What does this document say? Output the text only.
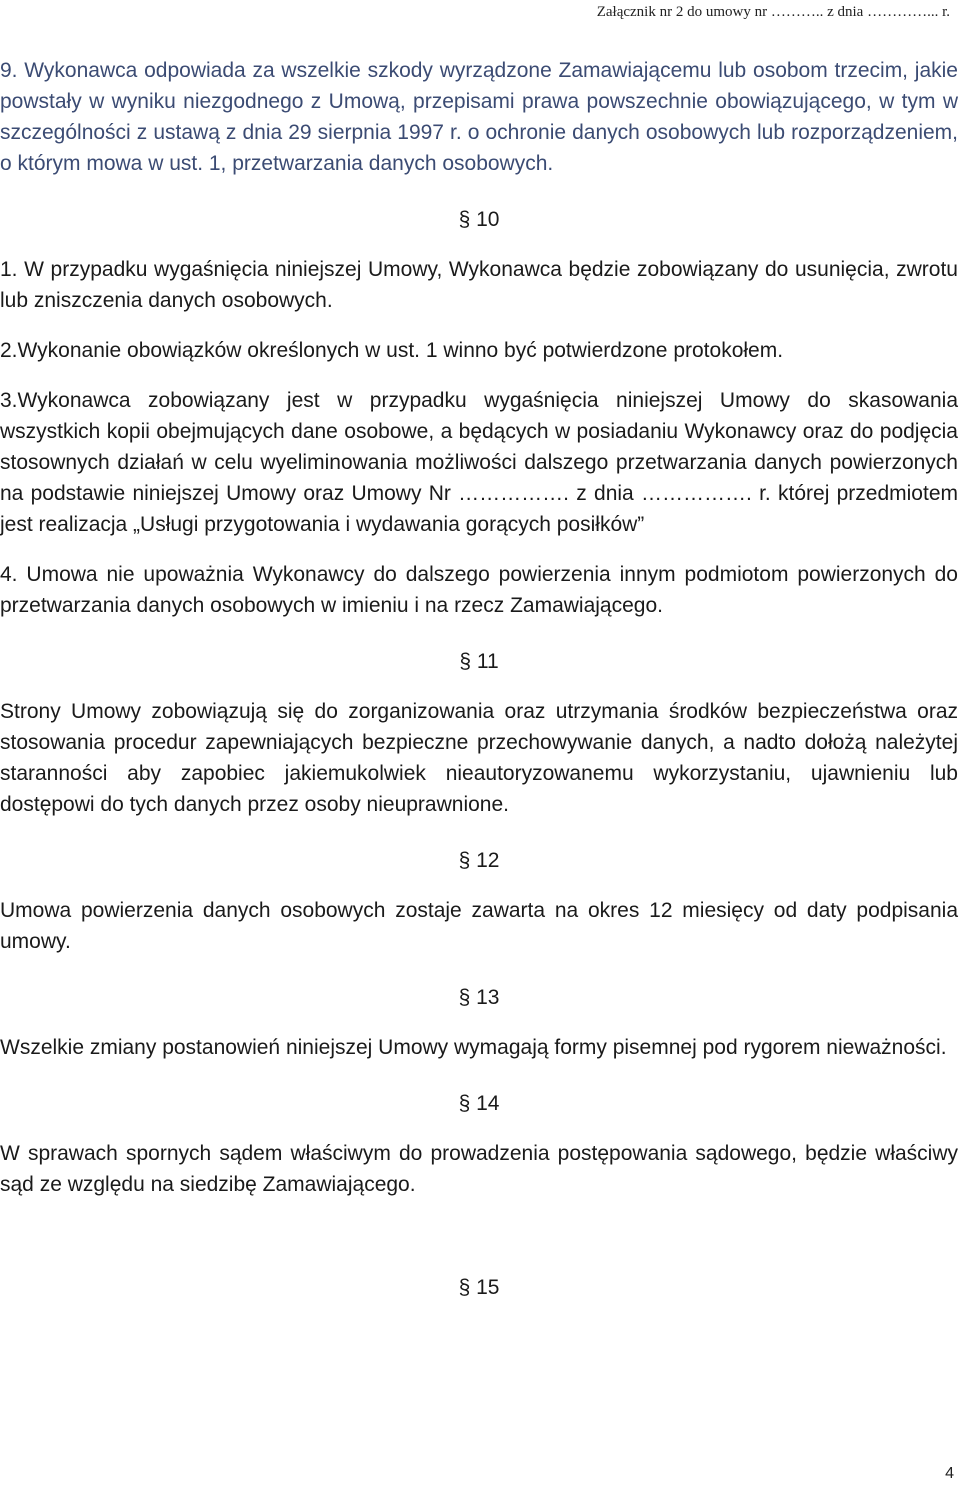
Załącznik nr 2 do umowy nr ……….. z dnia …………... r.

9. Wykonawca odpowiada za wszelkie szkody wyrządzone Zamawiającemu lub osobom trzecim, jakie powstały w wyniku niezgodnego z Umową, przepisami prawa powszechnie obowiązującego, w tym w szczególności z ustawą z dnia 29 sierpnia 1997 r. o ochronie danych osobowych lub rozporządzeniem, o którym mowa w ust. 1, przetwarzania danych osobowych.

§ 10

1. W przypadku wygaśnięcia niniejszej Umowy, Wykonawca będzie zobowiązany do usunięcia, zwrotu lub zniszczenia danych osobowych.

2.Wykonanie obowiązków określonych w ust. 1 winno być potwierdzone protokołem.

3.Wykonawca zobowiązany jest w przypadku wygaśnięcia niniejszej Umowy do skasowania wszystkich kopii obejmujących dane osobowe, a będących w posiadaniu Wykonawcy oraz do podjęcia stosownych działań w celu wyeliminowania możliwości dalszego przetwarzania danych powierzonych na podstawie niniejszej Umowy oraz Umowy Nr ……………. z dnia ……………. r. której przedmiotem jest realizacja „Usługi przygotowania i wydawania gorących posiłków”

4. Umowa nie upoważnia Wykonawcy do dalszego powierzenia innym podmiotom powierzonych do przetwarzania danych osobowych w imieniu i na rzecz Zamawiającego.

§ 11

Strony Umowy zobowiązują się do zorganizowania oraz utrzymania środków bezpieczeństwa oraz stosowania procedur zapewniających bezpieczne przechowywanie danych, a nadto dołożą należytej staranności aby zapobiec jakiemukolwiek nieautoryzowanemu wykorzystaniu, ujawnieniu lub dostępowi do tych danych przez osoby nieuprawnione.

§ 12

Umowa powierzenia danych osobowych zostaje zawarta na okres 12 miesięcy od daty podpisania umowy.

§ 13

Wszelkie zmiany postanowień niniejszej Umowy wymagają formy pisemnej pod rygorem nieważności.

§ 14

W sprawach spornych sądem właściwym do prowadzenia postępowania sądowego, będzie właściwy sąd ze względu na siedzibę Zamawiającego.

§ 15

4
